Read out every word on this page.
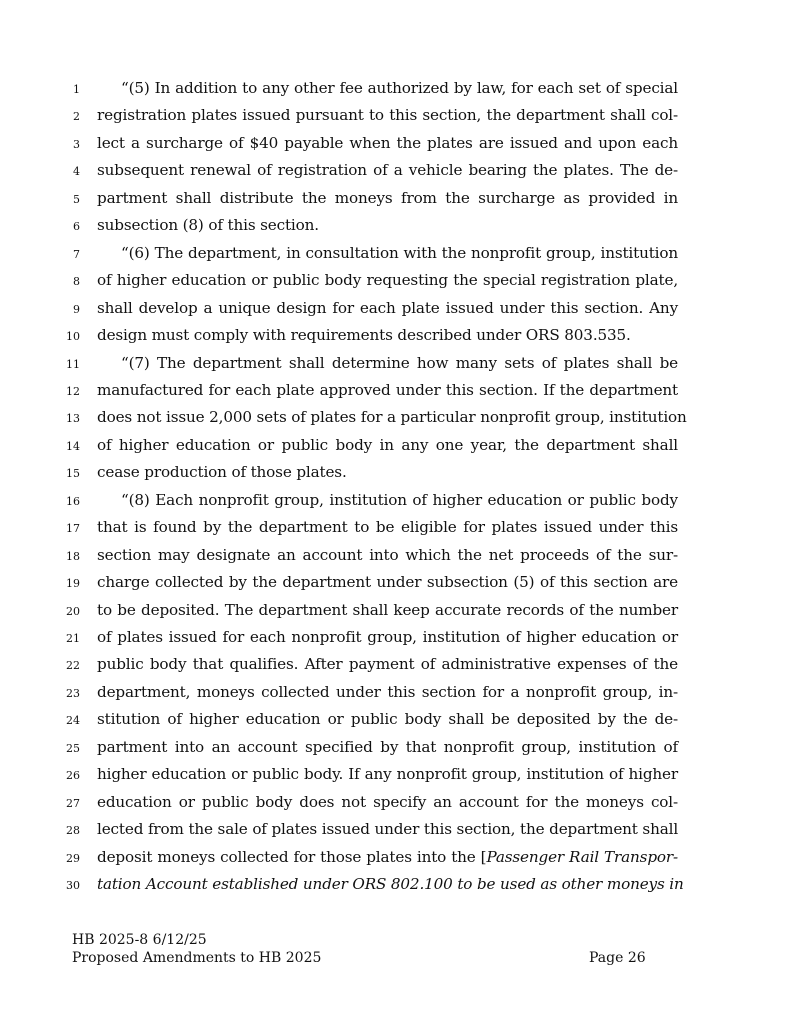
1	“(5) In addition to any other fee authorized by law, for each set of special
2 registration plates issued pursuant to this section, the department shall col-
3 lect a surcharge of $40 payable when the plates are issued and upon each
4 subsequent renewal of registration of a vehicle bearing the plates. The de-
5 partment shall distribute the moneys from the surcharge as provided in
6 subsection (8) of this section.
7	“(6) The department, in consultation with the nonprofit group, institution
8 of higher education or public body requesting the special registration plate,
9 shall develop a unique design for each plate issued under this section. Any
10 design must comply with requirements described under ORS 803.535.
11	“(7) The department shall determine how many sets of plates shall be
12 manufactured for each plate approved under this section. If the department
13 does not issue 2,000 sets of plates for a particular nonprofit group, institution
14 of higher education or public body in any one year, the department shall
15 cease production of those plates.
16	“(8) Each nonprofit group, institution of higher education or public body
17 that is found by the department to be eligible for plates issued under this
18 section may designate an account into which the net proceeds of the sur-
19 charge collected by the department under subsection (5) of this section are
20 to be deposited. The department shall keep accurate records of the number
21 of plates issued for each nonprofit group, institution of higher education or
22 public body that qualifies. After payment of administrative expenses of the
23 department, moneys collected under this section for a nonprofit group, in-
24 stitution of higher education or public body shall be deposited by the de-
25 partment into an account specified by that nonprofit group, institution of
26 higher education or public body. If any nonprofit group, institution of higher
27 education or public body does not specify an account for the moneys col-
28 lected from the sale of plates issued under this section, the department shall
29 deposit moneys collected for those plates into the [Passenger Rail Transpor-
30 tation Account established under ORS 802.100 to be used as other moneys in
HB 2025-8 6/12/25
Proposed Amendments to HB 2025	Page 26
